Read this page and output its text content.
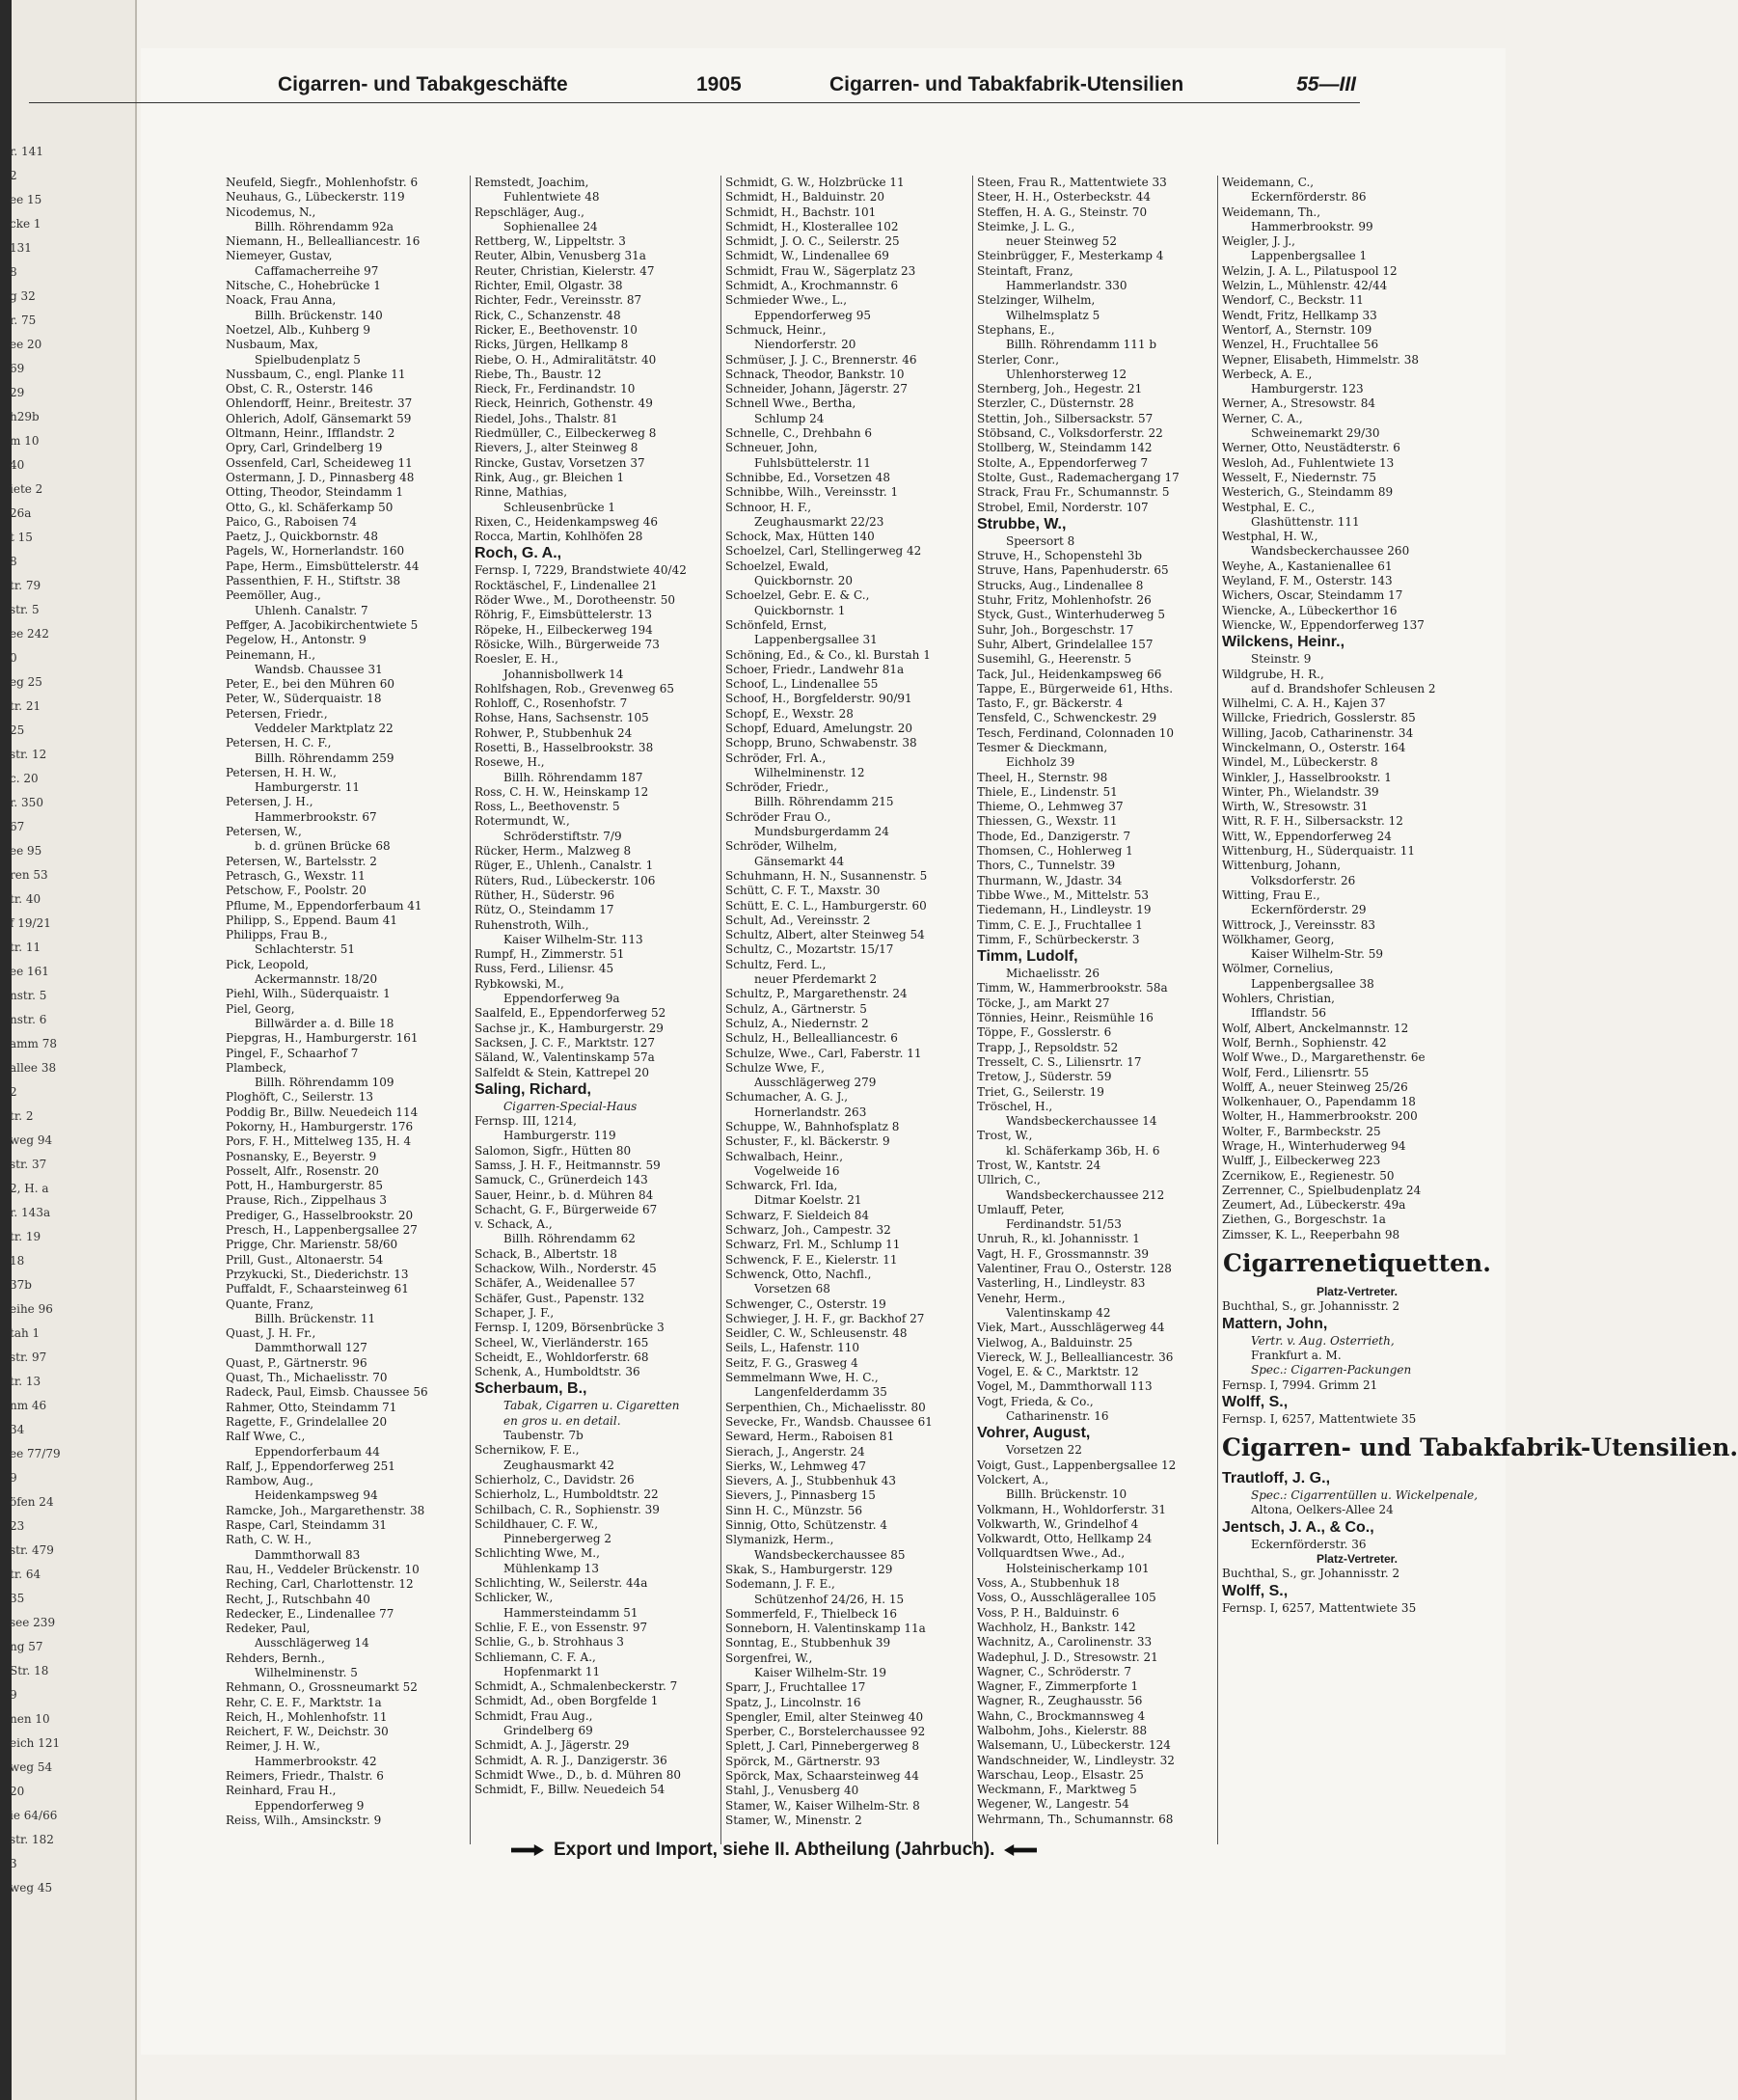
r. 141
2
ee 15
cke 1
131
8
g 32
r. 75
ee 20
69
29
h29b
m 10
40
iete 2
26a
t 15
8
tr. 79
str. 5
ee 242
0
eg 25
tr. 21
25
str. 12
c. 20
r. 350
67
ee 95
ren 53
tr. 40
f 19/21
tr. 11
ee 161
nstr. 5
nstr. 6
amm 78
allee 38
2
tr. 2
weg 94
str. 37
2, H. a
r. 143a
tr. 19
18
37b
eihe 96
tah 1
str. 97
tr. 13
nm 46
34
ee 77/79
9
öfen 24
23
str. 479
tr. 64
35
see 239
ng 57
Str. 18
9
nen 10
eich 121
weg 54
20
ie 64/66
str. 182
3
weg 45
Cigarren- und Tabakgeschäfte	1905	Cigarren- und Tabakfabrik-Utensilien	55—III
Neufeld, Siegfr., Mohlenhofstr. 6
Neuhaus, G., Lübeckerstr. 119
Nicodemus, N.,
Billh. Röhrendamm 92a
Niemann, H., Bellealliancestr. 16
Niemeyer, Gustav,
Caffamacherreihe 97
Nitsche, C., Hohebrücke 1
Noack, Frau Anna,
Billh. Brückenstr. 140
Noetzel, Alb., Kuhberg 9
Nusbaum, Max,
Spielbudenplatz 5
Nussbaum, C., engl. Planke 11
Obst, C. R., Osterstr. 146
Ohlendorff, Heinr., Breitestr. 37
Ohlerich, Adolf, Gänsemarkt 59
Oltmann, Heinr., Ifflandstr. 2
Opry, Carl, Grindelberg 19
Ossenfeld, Carl, Scheideweg 11
Ostermann, J. D., Pinnasberg 48
Otting, Theodor, Steindamm 1
Otto, G., kl. Schäferkamp 50
Paico, G., Raboisen 74
Paetz, J., Quickbornstr. 48
Pagels, W., Hornerlandstr. 160
Pape, Herm., Eimsbüttelerstr. 44
Passenthien, F. H., Stiftstr. 38
Peemöller, Aug.,
Uhlenh. Canalstr. 7
Peffger, A. Jacobikirchentwiete 5
Pegelow, H., Antonstr. 9
Peinemann, H.,
Wandsb. Chaussee 31
Peter, E., bei den Mühren 60
Peter, W., Süderquaistr. 18
Petersen, Friedr.,
Veddeler Marktplatz 22
Petersen, H. C. F.,
Billh. Röhrendamm 259
Petersen, H. H. W.,
Hamburgerstr. 11
Petersen, J. H.,
Hammerbrookstr. 67
Petersen, W.,
b. d. grünen Brücke 68
Petersen, W., Bartelsstr. 2
Petrasch, G., Wexstr. 11
Petschow, F., Poolstr. 20
Pflume, M., Eppendorferbaum 41
Philipp, S., Eppend. Baum 41
Philipps, Frau B.,
Schlachterstr. 51
Pick, Leopold,
Ackermannstr. 18/20
Piehl, Wilh., Süderquaistr. 1
Piel, Georg,
Billwärder a. d. Bille 18
Piepgras, H., Hamburgerstr. 161
Pingel, F., Schaarhof 7
Plambeck,
Billh. Röhrendamm 109
Ploghöft, C., Seilerstr. 13
Poddig Br., Billw. Neuedeich 114
Pokorny, H., Hamburgerstr. 176
Pors, F. H., Mittelweg 135, H. 4
Posnansky, E., Beyerstr. 9
Posselt, Alfr., Rosenstr. 20
Pott, H., Hamburgerstr. 85
Prause, Rich., Zippelhaus 3
Prediger, G., Hasselbrookstr. 20
Presch, H., Lappenbergsallee 27
Prigge, Chr. Marienstr. 58/60
Prill, Gust., Altonaerstr. 54
Przykucki, St., Diederichstr. 13
Puffaldt, F., Schaarsteinweg 61
Quante, Franz,
Billh. Brückenstr. 11
Quast, J. H. Fr.,
Dammthorwall 127
Quast, P., Gärtnerstr. 96
Quast, Th., Michaelisstr. 70
Radeck, Paul, Eimsb. Chaussee 56
Rahmer, Otto, Steindamm 71
Ragette, F., Grindelallee 20
Ralf Wwe, C.,
Eppendorferbaum 44
Ralf, J., Eppendorferweg 251
Rambow, Aug.,
Heidenkampsweg 94
Ramcke, Joh., Margarethenstr. 38
Raspe, Carl, Steindamm 31
Rath, C. W. H.,
Dammthorwall 83
Rau, H., Veddeler Brückenstr. 10
Reching, Carl, Charlottenstr. 12
Recht, J., Rutschbahn 40
Redecker, E., Lindenallee 77
Redeker, Paul,
Ausschlägerweg 14
Rehders, Bernh.,
Wilhelminenstr. 5
Rehmann, O., Grossneumarkt 52
Rehr, C. E. F., Marktstr. 1a
Reich, H., Mohlenhofstr. 11
Reichert, F. W., Deichstr. 30
Reimer, J. H. W.,
Hammerbrookstr. 42
Reimers, Friedr., Thalstr. 6
Reinhard, Frau H.,
Eppendorferweg 9
Reiss, Wilh., Amsinckstr. 9
Remstedt, Joachim,
Fuhlentwiete 48
Repschläger, Aug.,
Sophienallee 24
Rettberg, W., Lippeltstr. 3
Reuter, Albin, Venusberg 31a
Reuter, Christian, Kielerstr. 47
Richter, Emil, Olgastr. 38
Richter, Fedr., Vereinsstr. 87
Rick, C., Schanzenstr. 48
Ricker, E., Beethovenstr. 10
Ricks, Jürgen, Hellkamp 8
Riebe, O. H., Admiralitätstr. 40
Riebe, Th., Baustr. 12
Rieck, Fr., Ferdinandstr. 10
Rieck, Heinrich, Gothenstr. 49
Riedel, Johs., Thalstr. 81
Riedmüller, C., Eilbeckerweg 8
Rievers, J., alter Steinweg 8
Rincke, Gustav, Vorsetzen 37
Rink, Aug., gr. Bleichen 1
Rinne, Mathias,
Schleusenbrücke 1
Rixen, C., Heidenkampsweg 46
Rocca, Martin, Kohlhöfen 28
Roch, G. A.,
Fernsp. I, 7229, Brandstwiete 40/42
Rocktäschel, F., Lindenallee 21
Röder Wwe., M., Dorotheenstr. 50
Röhrig, F., Eimsbüttelerstr. 13
Röpeke, H., Eilbeckerweg 194
Rösicke, Wilh., Bürgerweide 73
Roesler, E. H.,
Johannisbollwerk 14
Rohlfshagen, Rob., Grevenweg 65
Rohloff, C., Rosenhofstr. 7
Rohse, Hans, Sachsenstr. 105
Rohwer, P., Stubbenhuk 24
Rosetti, B., Hasselbrookstr. 38
Rosewe, H.,
Billh. Röhrendamm 187
Ross, C. H. W., Heinskamp 12
Ross, L., Beethovenstr. 5
Rotermundt, W.,
Schröderstiftstr. 7/9
Rücker, Herm., Malzweg 8
Rüger, E., Uhlenh., Canalstr. 1
Rüters, Rud., Lübeckerstr. 106
Rüther, H., Süderstr. 96
Rütz, O., Steindamm 17
Ruhenstroth, Wilh.,
Kaiser Wilhelm-Str. 113
Rumpf, H., Zimmerstr. 51
Russ, Ferd., Liliensr. 45
Rybkowski, M.,
Eppendorferweg 9a
Saalfeld, E., Eppendorferweg 52
Sachse jr., K., Hamburgerstr. 29
Sacksen, J. C. F., Marktstr. 127
Säland, W., Valentinskamp 57a
Salfeldt & Stein, Kattrepel 20
Saling, Richard,
Cigarren-Special-Haus
Fernsp. III, 1214,
Hamburgerstr. 119
Salomon, Sigfr., Hütten 80
Samss, J. H. F., Heitmannstr. 59
Samuck, C., Grünerdeich 143
Sauer, Heinr., b. d. Mühren 84
Schacht, G. F., Bürgerweide 67
v. Schack, A.,
Billh. Röhrendamm 62
Schack, B., Albertstr. 18
Schackow, Wilh., Norderstr. 45
Schäfer, A., Weidenallee 57
Schäfer, Gust., Papenstr. 132
Schaper, J. F.,
Fernsp. I, 1209, Börsenbrücke 3
Scheel, W., Vierländerstr. 165
Scheidt, E., Wohldorferstr. 68
Schenk, A., Humboldtstr. 36
Scherbaum, B.,
Tabak, Cigarren u. Cigaretten
en gros u. en detail.
Taubenstr. 7b
Schernikow, F. E.,
Zeughausmarkt 42
Schierholz, C., Davidstr. 26
Schierholz, L., Humboldtstr. 22
Schilbach, C. R., Sophienstr. 39
Schildhauer, C. F. W.,
Pinnebergerweg 2
Schlichting Wwe, M.,
Mühlenkamp 13
Schlichting, W., Seilerstr. 44a
Schlicker, W.,
Hammersteindamm 51
Schlie, F. E., von Essenstr. 97
Schlie, G., b. Strohhaus 3
Schliemann, C. F. A.,
Hopfenmarkt 11
Schmidt, A., Schmalenbeckerstr. 7
Schmidt, Ad., oben Borgfelde 1
Schmidt, Frau Aug.,
Grindelberg 69
Schmidt, A. J., Jägerstr. 29
Schmidt, A. R. J., Danzigerstr. 36
Schmidt Wwe., D., b. d. Mühren 80
Schmidt, F., Billw. Neuedeich 54
Schmidt, G. W., Holzbrücke 11
Schmidt, H., Balduinstr. 20
Schmidt, H., Bachstr. 101
Schmidt, H., Klosterallee 102
Schmidt, J. O. C., Seilerstr. 25
Schmidt, W., Lindenallee 69
Schmidt, Frau W., Sägerplatz 23
Schmidt, A., Krochmannstr. 6
Schmieder Wwe., L.,
Eppendorferweg 95
Schmuck, Heinr.,
Niendorferstr. 20
Schmüser, J. J. C., Brennerstr. 46
Schnack, Theodor, Bankstr. 10
Schneider, Johann, Jägerstr. 27
Schnell Wwe., Bertha,
Schlump 24
Schnelle, C., Drehbahn 6
Schneuer, John,
Fuhlsbüttelerstr. 11
Schnibbe, Ed., Vorsetzen 48
Schnibbe, Wilh., Vereinsstr. 1
Schnoor, H. F.,
Zeughausmarkt 22/23
Schock, Max, Hütten 140
Schoelzel, Carl, Stellingerweg 42
Schoelzel, Ewald,
Quickbornstr. 20
Schoelzel, Gebr. E. & C.,
Quickbornstr. 1
Schönfeld, Ernst,
Lappenbergsallee 31
Schöning, Ed., & Co., kl. Burstah 1
Schoer, Friedr., Landwehr 81a
Schoof, L., Lindenallee 55
Schoof, H., Borgfelderstr. 90/91
Schopf, E., Wexstr. 28
Schopf, Eduard, Amelungstr. 20
Schopp, Bruno, Schwabenstr. 38
Schröder, Frl. A.,
Wilhelminenstr. 12
Schröder, Friedr.,
Billh. Röhrendamm 215
Schröder Frau O.,
Mundsburgerdamm 24
Schröder, Wilhelm,
Gänsemarkt 44
Schuhmann, H. N., Susannenstr. 5
Schütt, C. F. T., Maxstr. 30
Schütt, E. C. L., Hamburgerstr. 60
Schult, Ad., Vereinsstr. 2
Schultz, Albert, alter Steinweg 54
Schultz, C., Mozartstr. 15/17
Schultz, Ferd. L.,
neuer Pferdemarkt 2
Schultz, P., Margarethenstr. 24
Schulz, A., Gärtnerstr. 5
Schulz, A., Niedernstr. 2
Schulz, H., Bellealliancestr. 6
Schulze, Wwe., Carl, Faberstr. 11
Schulze Wwe, F.,
Ausschlägerweg 279
Schumacher, A. G. J.,
Hornerlandstr. 263
Schuppe, W., Bahnhofsplatz 8
Schuster, F., kl. Bäckerstr. 9
Schwalbach, Heinr.,
Vogelweide 16
Schwarck, Frl. Ida,
Ditmar Koelstr. 21
Schwarz, F. Sieldeich 84
Schwarz, Joh., Campestr. 32
Schwarz, Frl. M., Schlump 11
Schwenck, F. E., Kielerstr. 11
Schwenck, Otto, Nachfl.,
Vorsetzen 68
Schwenger, C., Osterstr. 19
Schwieger, J. H. F., gr. Backhof 27
Seidler, C. W., Schleusenstr. 48
Seils, L., Hafenstr. 110
Seitz, F. G., Grasweg 4
Semmelmann Wwe, H. C.,
Langenfelderdamm 35
Serpenthien, Ch., Michaelisstr. 80
Sevecke, Fr., Wandsb. Chaussee 61
Seward, Herm., Raboisen 81
Sierach, J., Angerstr. 24
Sierks, W., Lehmweg 47
Sievers, A. J., Stubbenhuk 43
Sievers, J., Pinnasberg 15
Sinn H. C., Münzstr. 56
Sinnig, Otto, Schützenstr. 4
Slymanizk, Herm.,
Wandsbeckerchaussee 85
Skak, S., Hamburgerstr. 129
Sodemann, J. F. E.,
Schützenhof 24/26, H. 15
Sommerfeld, F., Thielbeck 16
Sonneborn, H. Valentinskamp 11a
Sonntag, E., Stubbenhuk 39
Sorgenfrei, W.,
Kaiser Wilhelm-Str. 19
Sparr, J., Fruchtallee 17
Spatz, J., Lincolnstr. 16
Spengler, Emil, alter Steinweg 40
Sperber, C., Borstelerchaussee 92
Splett, J. Carl, Pinnebergerweg 8
Spörck, M., Gärtnerstr. 93
Spörck, Max, Schaarsteinweg 44
Stahl, J., Venusberg 40
Stamer, W., Kaiser Wilhelm-Str. 8
Stamer, W., Minenstr. 2
Steen, Frau R., Mattentwiete 33
Steer, H. H., Osterbeckstr. 44
Steffen, H. A. G., Steinstr. 70
Steimke, J. L. G.,
neuer Steinweg 52
Steinbrügger, F., Mesterkamp 4
Steintaft, Franz,
Hammerlandstr. 330
Stelzinger, Wilhelm,
Wilhelmsplatz 5
Stephans, E.,
Billh. Röhrendamm 111 b
Sterler, Conr.,
Uhlenhorsterweg 12
Sternberg, Joh., Hegestr. 21
Sterzler, C., Düsternstr. 28
Stettin, Joh., Silbersackstr. 57
Stöbsand, C., Volksdorferstr. 22
Stollberg, W., Steindamm 142
Stolte, A., Eppendorferweg 7
Stolte, Gust., Rademachergang 17
Strack, Frau Fr., Schumannstr. 5
Strobel, Emil, Norderstr. 107
Strubbe, W.,
Speersort 8
Struve, H., Schopenstehl 3b
Struve, Hans, Papenhuderstr. 65
Strucks, Aug., Lindenallee 8
Stuhr, Fritz, Mohlenhofstr. 26
Styck, Gust., Winterhuderweg 5
Suhr, Joh., Borgeschstr. 17
Suhr, Albert, Grindelallee 157
Susemihl, G., Heerenstr. 5
Tack, Jul., Heidenkampsweg 66
Tappe, E., Bürgerweide 61, Hths.
Tasto, F., gr. Bäckerstr. 4
Tensfeld, C., Schwenckestr. 29
Tesch, Ferdinand, Colonnaden 10
Tesmer & Dieckmann,
Eichholz 39
Theel, H., Sternstr. 98
Thiele, E., Lindenstr. 51
Thieme, O., Lehmweg 37
Thiessen, G., Wexstr. 11
Thode, Ed., Danzigerstr. 7
Thomsen, C., Hohlerweg 1
Thors, C., Tunnelstr. 39
Thurmann, W., Jdastr. 34
Tibbe Wwe., M., Mittelstr. 53
Tiedemann, H., Lindleystr. 19
Timm, C. E. J., Fruchtallee 1
Timm, F., Schürbeckerstr. 3
Timm, Ludolf,
Michaelisstr. 26
Timm, W., Hammerbrookstr. 58a
Töcke, J., am Markt 27
Tönnies, Heinr., Reismühle 16
Töppe, F., Gosslerstr. 6
Trapp, J., Repsoldstr. 52
Tresselt, C. S., Liliensrtr. 17
Tretow, J., Süderstr. 59
Triet, G., Seilerstr. 19
Tröschel, H.,
Wandsbeckerchaussee 14
Trost, W.,
kl. Schäferkamp 36b, H. 6
Trost, W., Kantstr. 24
Ullrich, C.,
Wandsbeckerchaussee 212
Umlauff, Peter,
Ferdinandstr. 51/53
Unruh, R., kl. Johannisstr. 1
Vagt, H. F., Grossmannstr. 39
Valentiner, Frau O., Osterstr. 128
Vasterling, H., Lindleystr. 83
Venehr, Herm.,
Valentinskamp 42
Viek, Mart., Ausschlägerweg 44
Vielwog, A., Balduinstr. 25
Viereck, W. J., Bellealliancestr. 36
Vogel, E. & C., Marktstr. 12
Vogel, M., Dammthorwall 113
Vogt, Frieda, & Co.,
Catharinenstr. 16
Vohrer, August,
Vorsetzen 22
Voigt, Gust., Lappenbergsallee 12
Volckert, A.,
Billh. Brückenstr. 10
Volkmann, H., Wohldorferstr. 31
Volkwarth, W., Grindelhof 4
Volkwardt, Otto, Hellkamp 24
Vollquardtsen Wwe., Ad.,
Holsteinischerkamp 101
Voss, A., Stubbenhuk 18
Voss, O., Ausschlägerallee 105
Voss, P. H., Balduinstr. 6
Wachholz, H., Bankstr. 142
Wachnitz, A., Carolinenstr. 33
Wadephul, J. D., Stresowstr. 21
Wagner, C., Schröderstr. 7
Wagner, F., Zimmerpforte 1
Wagner, R., Zeughausstr. 56
Wahn, C., Brockmannsweg 4
Walbohm, Johs., Kielerstr. 88
Walsemann, U., Lübeckerstr. 124
Wandschneider, W., Lindleystr. 32
Warschau, Leop., Elsastr. 25
Weckmann, F., Marktweg 5
Wegener, W., Langestr. 54
Wehrmann, Th., Schumannstr. 68
Weidemann, C.,
Eckernförderstr. 86
Weidemann, Th.,
Hammerbrookstr. 99
Weigler, J. J.,
Lappenbergsallee 1
Welzin, J. A. L., Pilatuspool 12
Welzin, L., Mühlenstr. 42/44
Wendorf, C., Beckstr. 11
Wendt, Fritz, Hellkamp 33
Wentorf, A., Sternstr. 109
Wenzel, H., Fruchtallee 56
Wepner, Elisabeth, Himmelstr. 38
Werbeck, A. E.,
Hamburgerstr. 123
Werner, A., Stresowstr. 84
Werner, C. A.,
Schweinemarkt 29/30
Werner, Otto, Neustädterstr. 6
Wesloh, Ad., Fuhlentwiete 13
Wesselt, F., Niedernstr. 75
Westerich, G., Steindamm 89
Westphal, E. C.,
Glashüttenstr. 111
Westphal, H. W.,
Wandsbeckerchaussee 260
Weyhe, A., Kastanienallee 61
Weyland, F. M., Osterstr. 143
Wichers, Oscar, Steindamm 17
Wiencke, A., Lübeckerthor 16
Wiencke, W., Eppendorferweg 137
Wilckens, Heinr.,
Steinstr. 9
Wildgrube, H. R.,
auf d. Brandshofer Schleusen 2
Wilhelmi, C. A. H., Kajen 37
Willcke, Friedrich, Gosslerstr. 85
Willing, Jacob, Catharinenstr. 34
Winckelmann, O., Osterstr. 164
Windel, M., Lübeckerstr. 8
Winkler, J., Hasselbrookstr. 1
Winter, Ph., Wielandstr. 39
Wirth, W., Stresowstr. 31
Witt, R. F. H., Silbersackstr. 12
Witt, W., Eppendorferweg 24
Wittenburg, H., Süderquaistr. 11
Wittenburg, Johann,
Volksdorferstr. 26
Witting, Frau E.,
Eckernförderstr. 29
Wittrock, J., Vereinsstr. 83
Wölkhamer, Georg,
Kaiser Wilhelm-Str. 59
Wölmer, Cornelius,
Lappenbergsallee 38
Wohlers, Christian,
Ifflandstr. 56
Wolf, Albert, Anckelmannstr. 12
Wolf, Bernh., Sophienstr. 42
Wolf Wwe., D., Margarethenstr. 6e
Wolf, Ferd., Liliensrtr. 55
Wolff, A., neuer Steinweg 25/26
Wolkenhauer, O., Papendamm 18
Wolter, H., Hammerbrookstr. 200
Wolter, F., Barmbeckstr. 25
Wrage, H., Winterhuderweg 94
Wulff, J., Eilbeckerweg 223
Zcernikow, E., Regienestr. 50
Zerrenner, C., Spielbudenplatz 24
Zeumert, Ad., Lübeckerstr. 49a
Ziethen, G., Borgeschstr. 1a
Zimsser, K. L., Reeperbahn 98
Cigarrenetiquetten.
Platz-Vertreter.
Buchthal, S., gr. Johannisstr. 2
Mattern, John,
Vertr. v. Aug. Osterrieth,
Frankfurt a. M.
Spec.: Cigarren-Packungen
Fernsp. I, 7994. Grimm 21
Wolff, S.,
Fernsp. I, 6257, Mattentwiete 35
Cigarren- und Tabakfabrik-Utensilien.
Trautloff, J. G.,
Spec.: Cigarrentüllen u. Wickelpenale,
Altona, Oelkers-Allee 24
Jentsch, J. A., & Co.,
Eckernförderstr. 36
Platz-Vertreter.
Buchthal, S., gr. Johannisstr. 2
Wolff, S.,
Fernsp. I, 6257, Mattentwiete 35
Export und Import, siehe II. Abtheilung (Jahrbuch).
